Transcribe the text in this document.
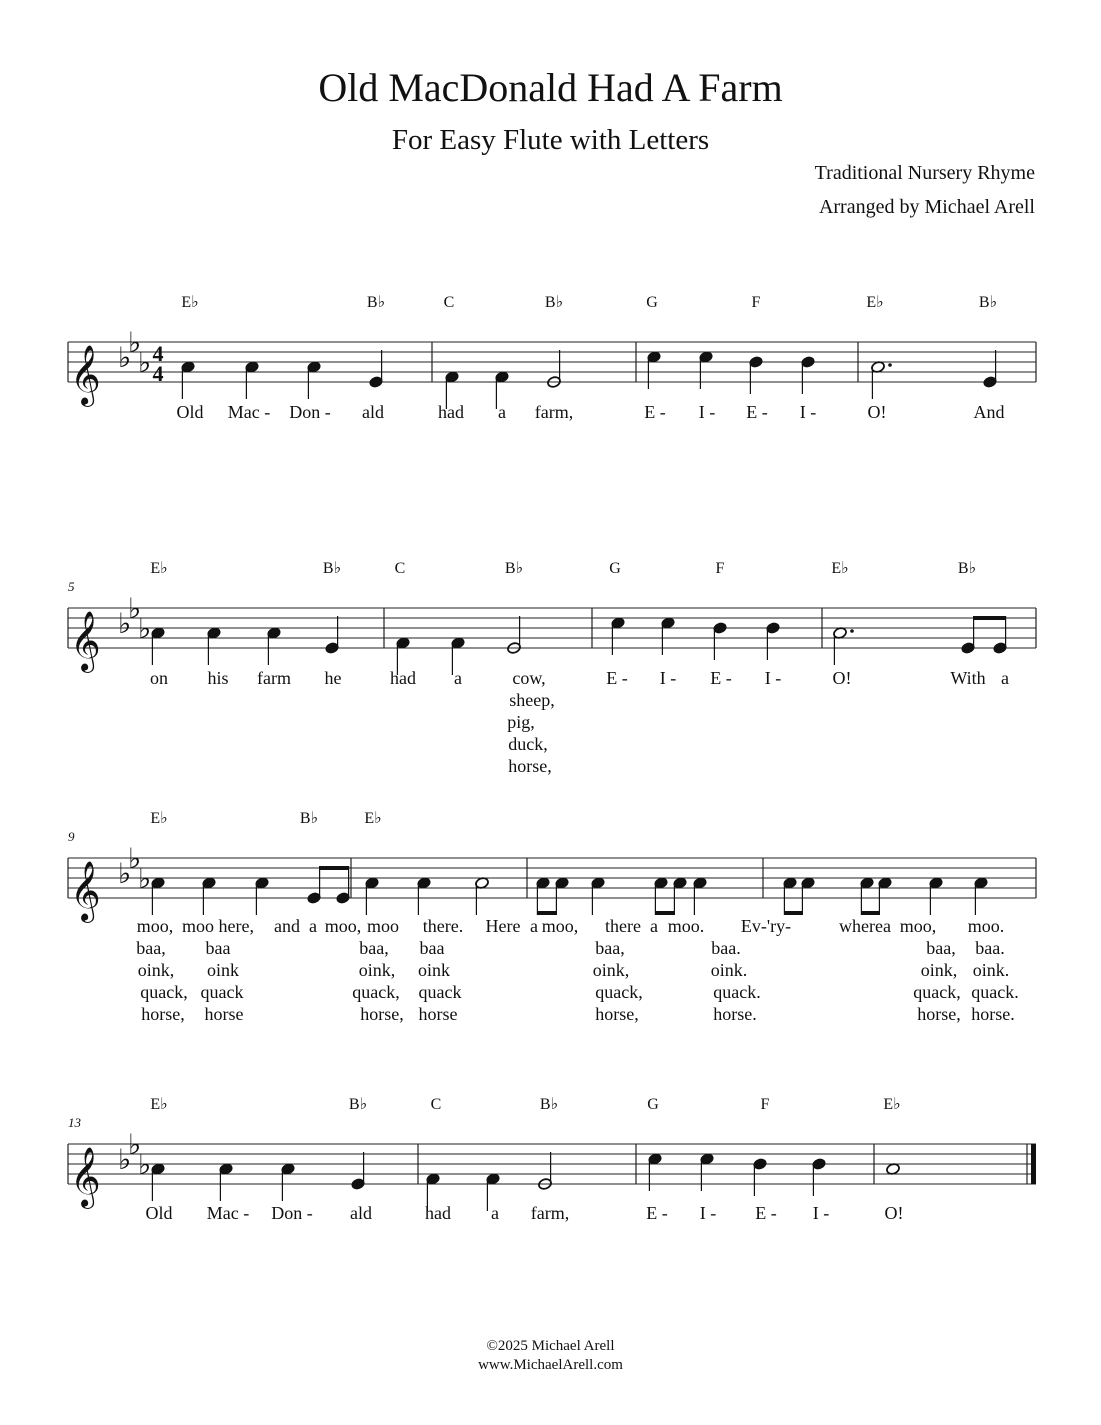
Old MacDonald Had A Farm
For Easy Flute with Letters
Traditional Nursery Rhyme
Arranged by Michael Arell
𝄞 ♭
♭
♭ 4
4
E♭	B♭	C	B♭	G	F	E♭	B♭
Old Mac - Don - ald	had a farm,	E - I - E - I -	O!	And
5
𝄞 ♭
♭
♭
E♭	B♭	C	B♭	G	F	E♭	B♭
on his farm he	had a	cow,	E - I - E - I -	O!	With a
sheep,
pig,
duck,
horse,
9
𝄞 ♭
♭
♭
E♭	B♭	E♭
moo, moo here, and a moo, moo there. Here a moo, there a moo. Ev-'ry-	where a moo, moo.
baa, baa	baa, baa	baa,	baa.	baa, baa.
oink, oink	oink, oink	oink,	oink.	oink, oink.
quack, quack	quack, quack	quack,	quack.	quack, quack.
horse, horse	horse, horse	horse,	horse.	horse, horse.
13
𝄞 ♭
♭
♭
E♭	B♭	C	B♭	G	F	E♭
Old Mac - Don - ald	had a farm,	E - I - E - I -	O!
©2025 Michael Arell
www.MichaelArell.com
